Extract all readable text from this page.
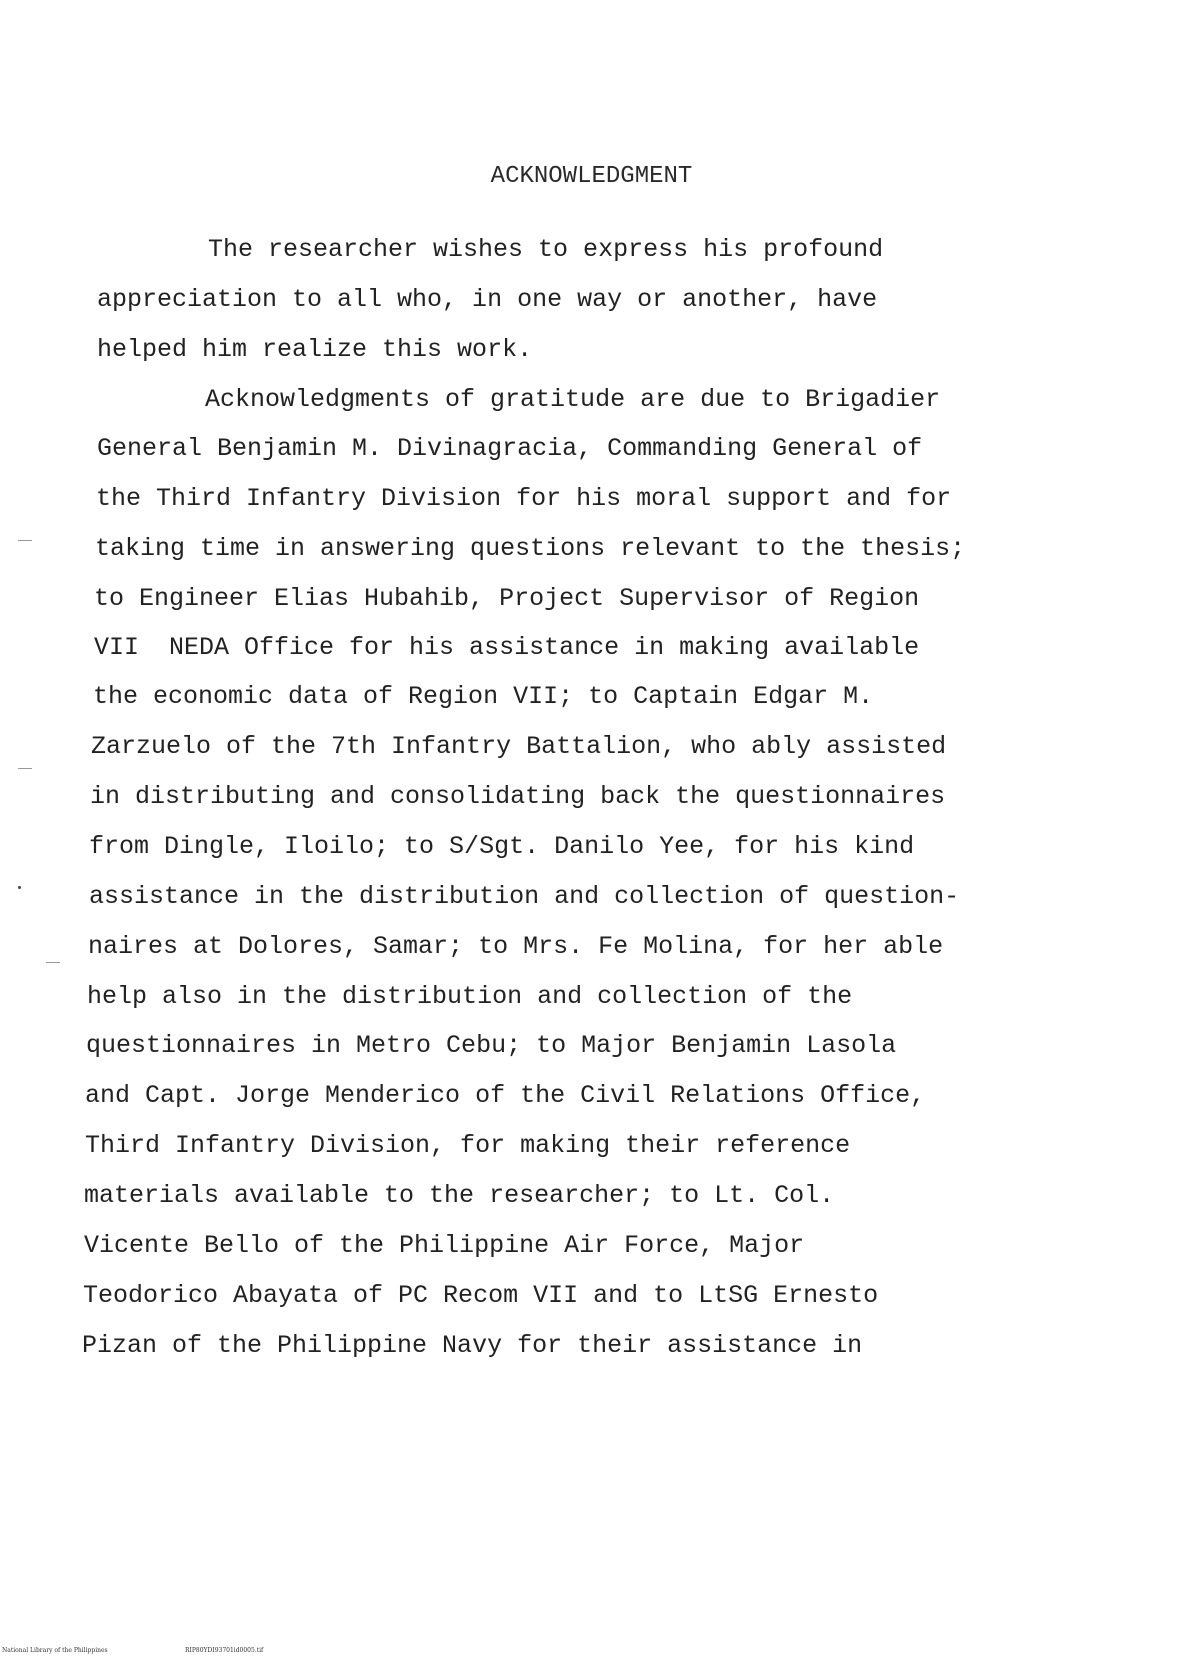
ACKNOWLEDGMENT
The researcher wishes to express his profound
appreciation to all who, in one way or another, have
helped him realize this work.
Acknowledgments of gratitude are due to Brigadier
General Benjamin M. Divinagracia, Commanding General of
the Third Infantry Division for his moral support and for
taking time in answering questions relevant to the thesis;
to Engineer Elias Hubahib, Project Supervisor of Region
VII  NEDA Office for his assistance in making available
the economic data of Region VII; to Captain Edgar M.
Zarzuelo of the 7th Infantry Battalion, who ably assisted
in distributing and consolidating back the questionnaires
from Dingle, Iloilo; to S/Sgt. Danilo Yee, for his kind
assistance in the distribution and collection of question-
naires at Dolores, Samar; to Mrs. Fe Molina, for her able
help also in the distribution and collection of the
questionnaires in Metro Cebu; to Major Benjamin Lasola
and Capt. Jorge Menderico of the Civil Relations Office,
Third Infantry Division, for making their reference
materials available to the researcher; to Lt. Col.
Vicente Bello of the Philippine Air Force, Major
Teodorico Abayata of PC Recom VII and to LtSG Ernesto
Pizan of the Philippine Navy for their assistance in
National Library of the Philippines	RIP80YDI93701id0005.tif
